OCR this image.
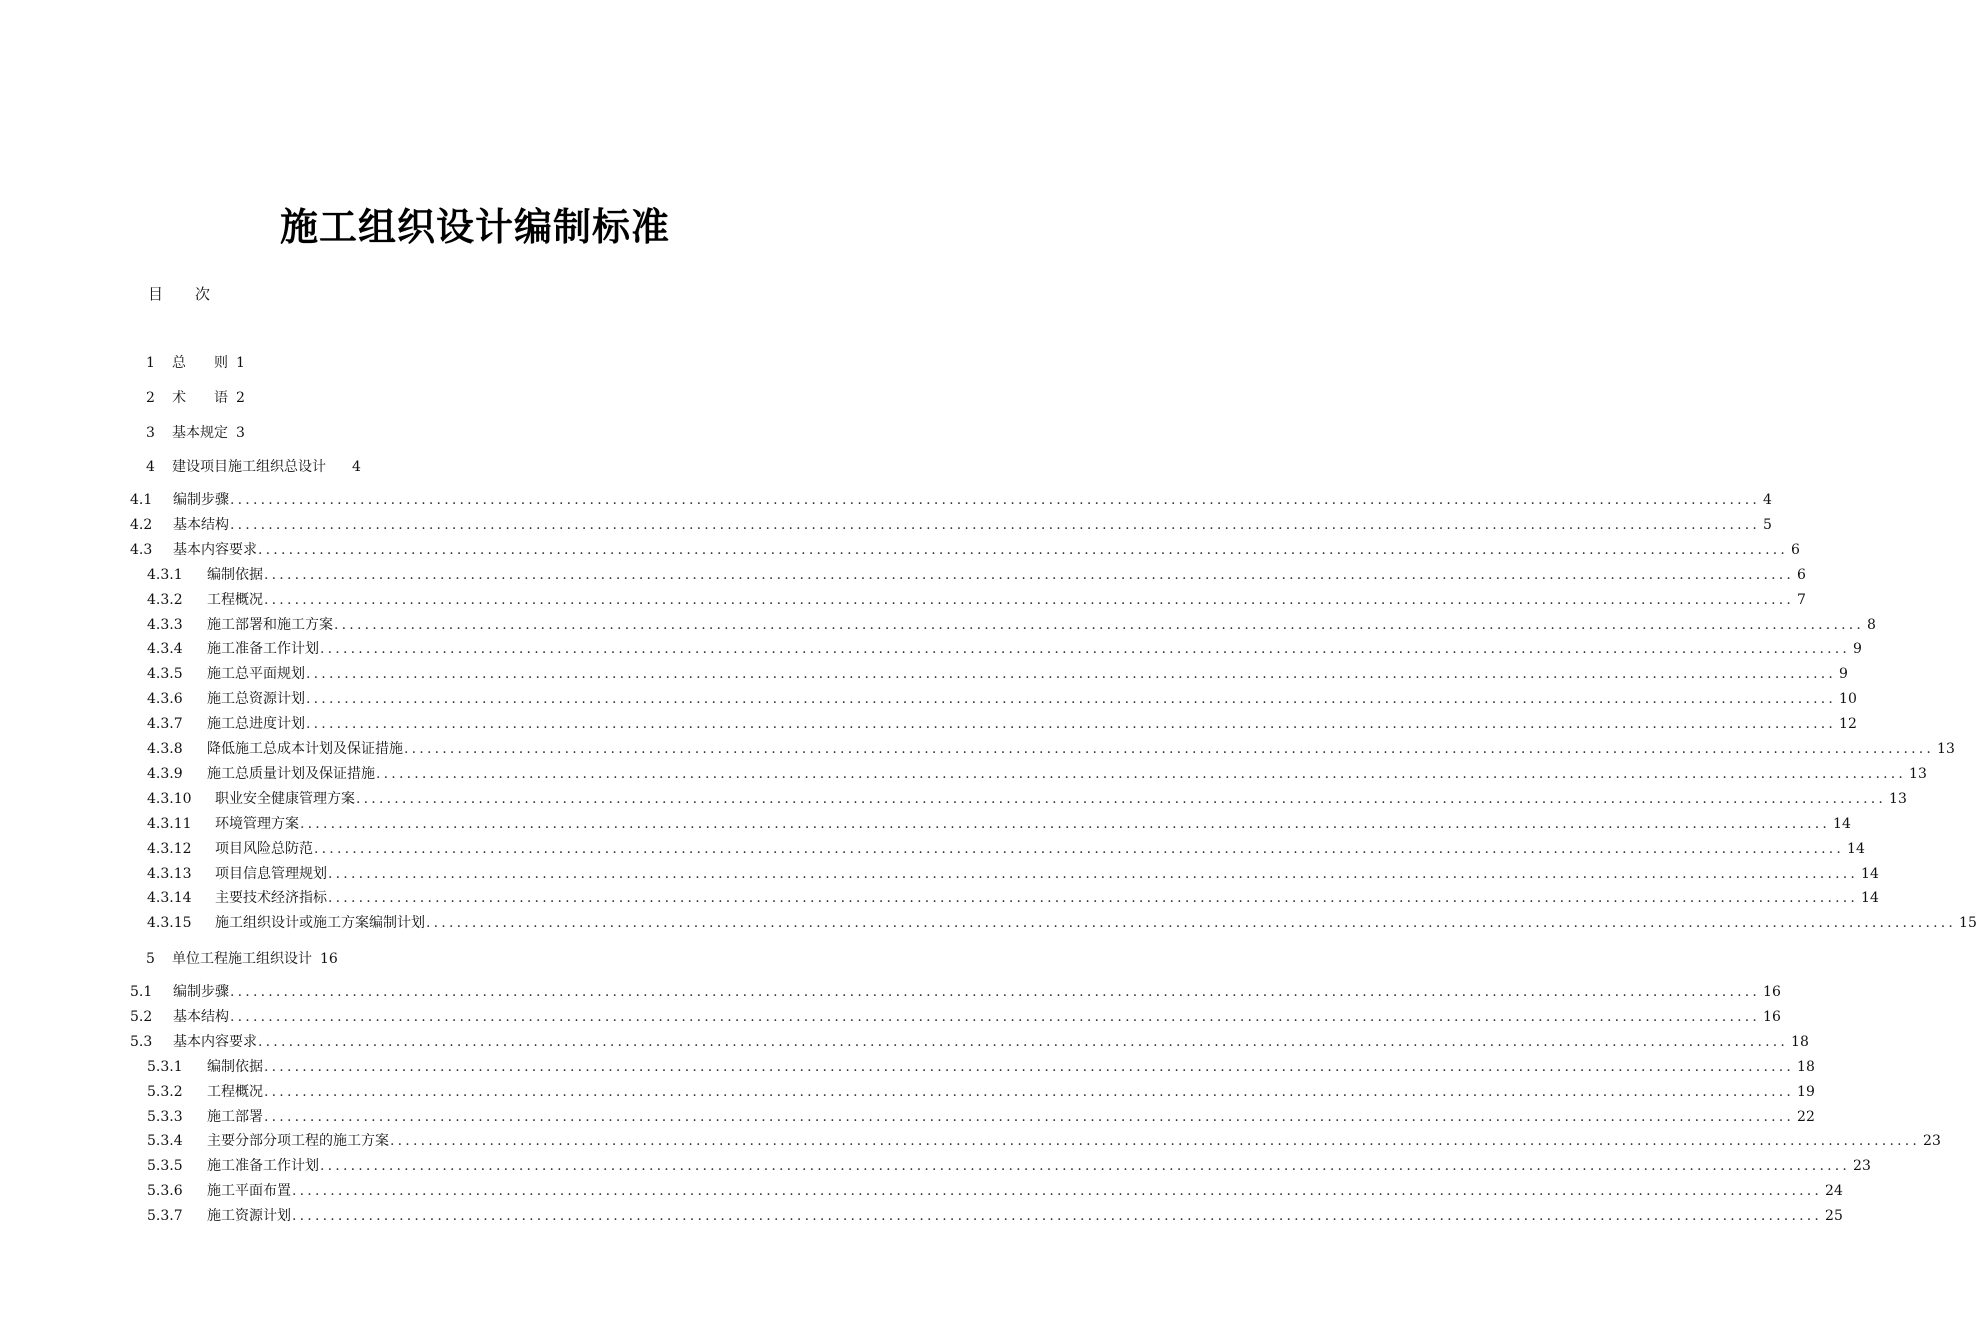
施工组织设计编制标准
目 次
1 总　　则 1
2 术　　语 2
3 基本规定 3
4 建设项目施工组织总设计 4
4.1	编制步骤 ........................................................................................................................................................................................................ 4
4.2	基本结构 ........................................................................................................................................................................................................ 5
4.3	基本内容要求 ........................................................................................................................................................................................................ 6
4.3.1	编制依据 ........................................................................................................................................................................................................ 6
4.3.2	工程概况 ........................................................................................................................................................................................................ 7
4.3.3	施工部署和施工方案 ........................................................................................................................................................................................................ 8
4.3.4	施工准备工作计划 ........................................................................................................................................................................................................ 9
4.3.5	施工总平面规划 ........................................................................................................................................................................................................ 9
4.3.6	施工总资源计划 ........................................................................................................................................................................................................ 10
4.3.7	施工总进度计划 ........................................................................................................................................................................................................ 12
4.3.8	降低施工总成本计划及保证措施 ........................................................................................................................................................................................................ 13
4.3.9	施工总质量计划及保证措施 ........................................................................................................................................................................................................ 13
4.3.10	职业安全健康管理方案 ........................................................................................................................................................................................................ 13
4.3.11	环境管理方案 ........................................................................................................................................................................................................ 14
4.3.12	项目风险总防范 ........................................................................................................................................................................................................ 14
4.3.13	项目信息管理规划 ........................................................................................................................................................................................................ 14
4.3.14	主要技术经济指标 ........................................................................................................................................................................................................ 14
4.3.15	施工组织设计或施工方案编制计划 ........................................................................................................................................................................................................ 15
5 单位工程施工组织设计 16
5.1	编制步骤 ........................................................................................................................................................................................................ 16
5.2	基本结构 ........................................................................................................................................................................................................ 16
5.3	基本内容要求 ........................................................................................................................................................................................................ 18
5.3.1	编制依据 ........................................................................................................................................................................................................ 18
5.3.2	工程概况 ........................................................................................................................................................................................................ 19
5.3.3	施工部署 ........................................................................................................................................................................................................ 22
5.3.4	主要分部分项工程的施工方案 ........................................................................................................................................................................................................ 23
5.3.5	施工准备工作计划 ........................................................................................................................................................................................................ 23
5.3.6	施工平面布置 ........................................................................................................................................................................................................ 24
5.3.7	施工资源计划 ........................................................................................................................................................................................................ 25
